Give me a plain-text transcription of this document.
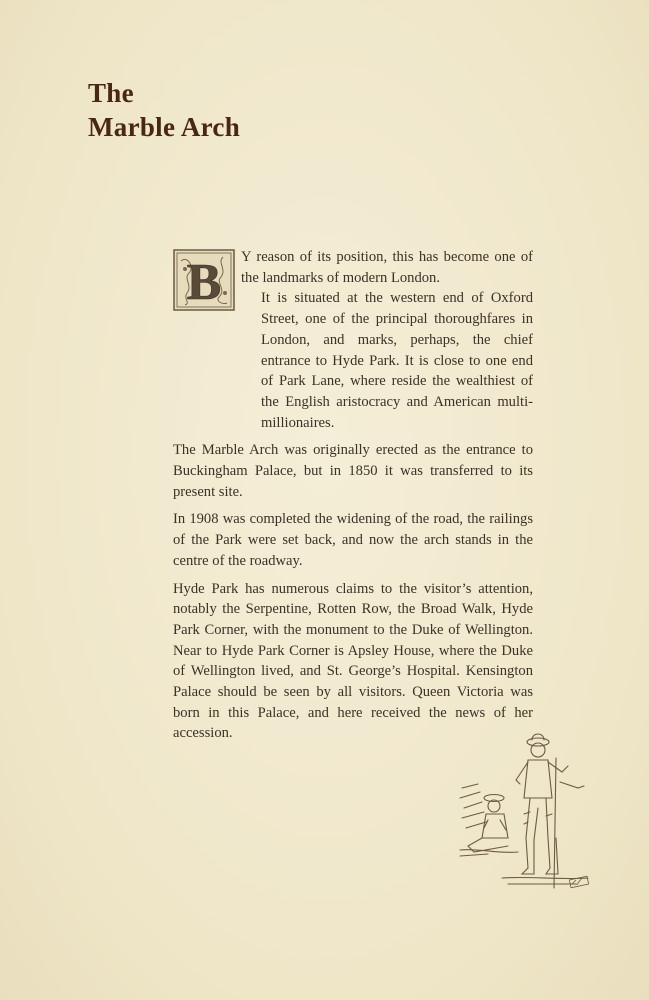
The
Marble Arch

B Y reason of its position, this has become one of the landmarks of modern London.
It is situated at the western end of Oxford Street, one of the principal thoroughfares in London, and marks, perhaps, the chief entrance to Hyde Park. It is close to one end of Park Lane, where reside the wealthiest of the English aristocracy and American multi-millionaires.

The Marble Arch was originally erected as the entrance to Buckingham Palace, but in 1850 it was transferred to its present site.

In 1908 was completed the widening of the road, the railings of the Park were set back, and now the arch stands in the centre of the roadway.

Hyde Park has numerous claims to the visitor’s attention, notably the Serpentine, Rotten Row, the Broad Walk, Hyde Park Corner, with the monument to the Duke of Wellington. Near to Hyde Park Corner is Apsley House, where the Duke of Wellington lived, and St. George’s Hospital. Kensington Palace should be seen by all visitors. Queen Victoria was born in this Palace, and here received the news of her accession.
